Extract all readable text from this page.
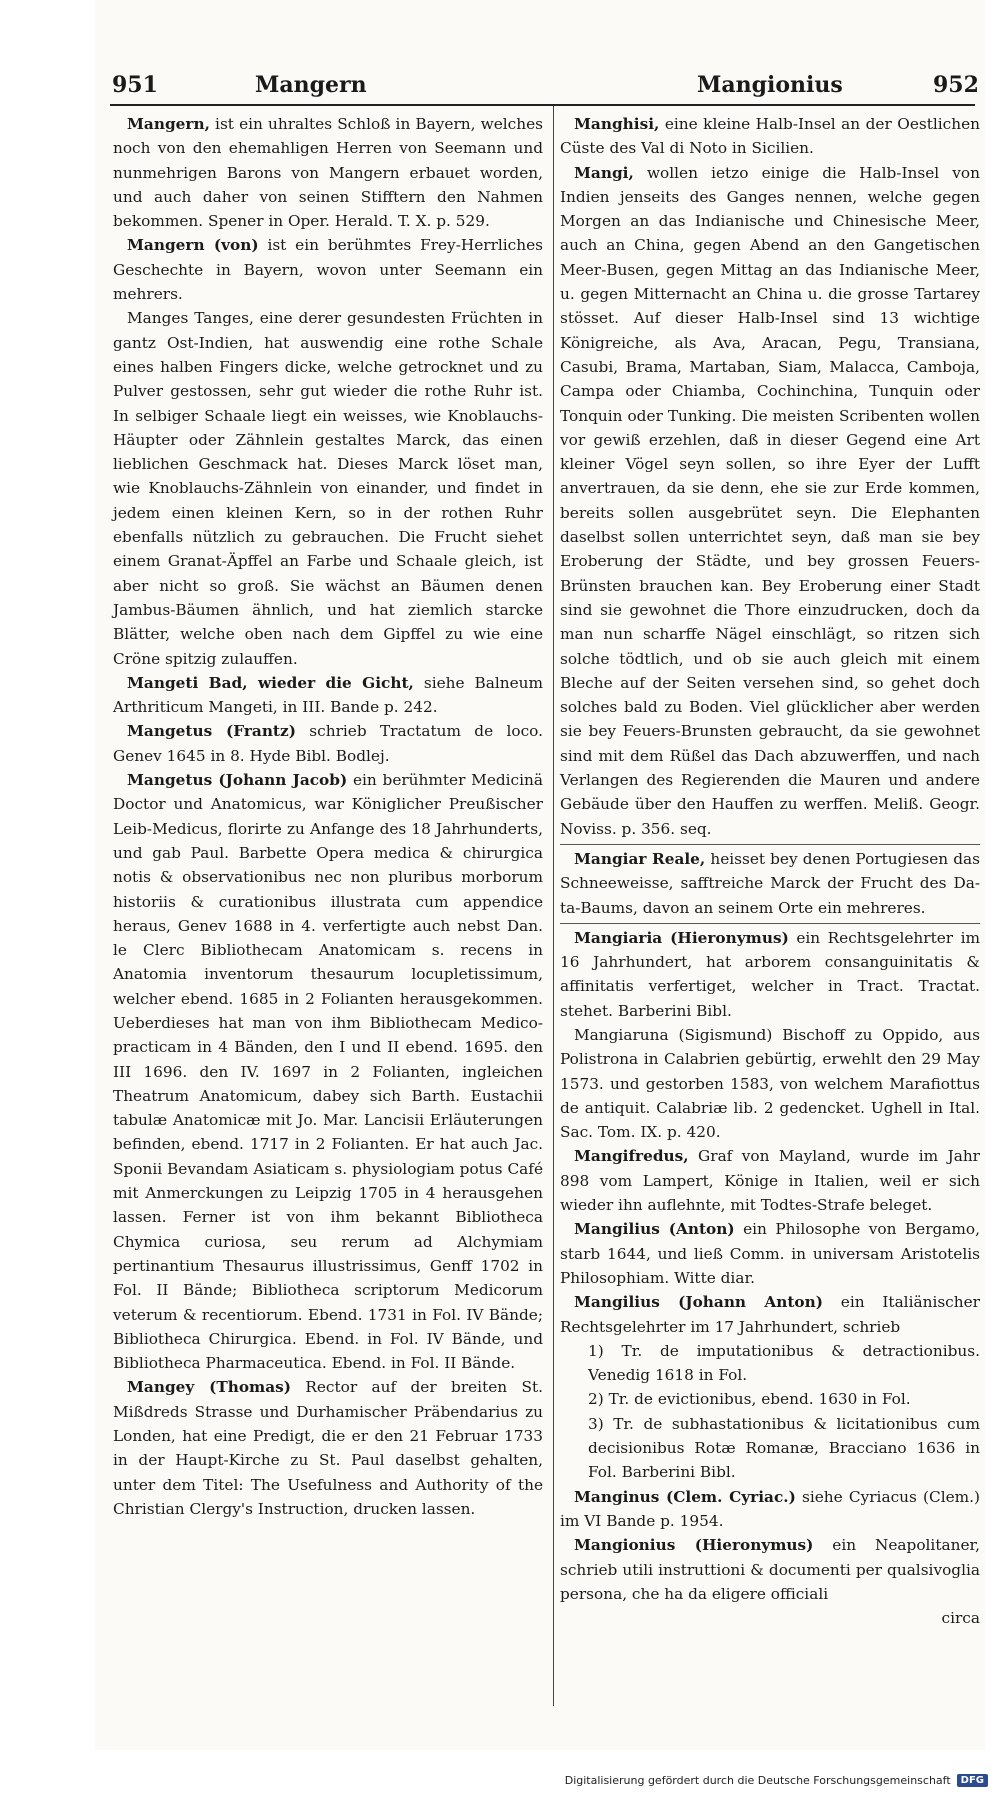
951	Mangern	Mangionius	952

Mangern, ist ein uhraltes Schloß in Bayern, welches noch von den ehemahligen Herren von Seemann und nunmehrigen Barons von Mangern erbauet worden, und auch daher von seinen Stifftern den Nahmen bekommen. Spener in Oper. Herald. T. X. p. 529.

Mangern (von) ist ein berühmtes Frey-Herrliches Geschechte in Bayern, wovon unter Seemann ein mehrers.

Manges Tanges, eine derer gesundesten Früchten in gantz Ost-Indien, hat auswendig eine rothe Schale eines halben Fingers dicke, welche getrocknet und zu Pulver gestossen, sehr gut wieder die rothe Ruhr ist. In selbiger Schaale liegt ein weisses, wie Knoblauchs-Häupter oder Zähnlein gestaltes Marck, das einen lieblichen Geschmack hat. Dieses Marck löset man, wie Knoblauchs-Zähnlein von einander, und findet in jedem einen kleinen Kern, so in der rothen Ruhr ebenfalls nützlich zu gebrauchen. Die Frucht siehet einem Granat-Äpffel an Farbe und Schaale gleich, ist aber nicht so groß. Sie wächst an Bäumen denen Jambus-Bäumen ähnlich, und hat ziemlich starcke Blätter, welche oben nach dem Gipffel zu wie eine Cröne spitzig zulauffen.

Mangeti Bad, wieder die Gicht, siehe Balneum Arthriticum Mangeti, in III. Bande p. 242.

Mangetus (Frantz) schrieb Tractatum de loco. Genev 1645 in 8. Hyde Bibl. Bodlej.

Mangetus (Johann Jacob) ein berühmter Medicinä Doctor und Anatomicus, war Königlicher Preußischer Leib-Medicus, florirte zu Anfange des 18 Jahrhunderts, und gab Paul. Barbette Opera medica & chirurgica notis & observationibus nec non pluribus morborum historiis & curationibus illustrata cum appendice heraus, Genev 1688 in 4. verfertigte auch nebst Dan. le Clerc Bibliothecam Anatomicam s. recens in Anatomia inventorum thesaurum locupletissimum, welcher ebend. 1685 in 2 Folianten herausgekommen. Ueberdieses hat man von ihm Bibliothecam Medico-practicam in 4 Bänden, den I und II ebend. 1695. den III 1696. den IV. 1697 in 2 Folianten, ingleichen Theatrum Anatomicum, dabey sich Barth. Eustachii tabulæ Anatomicæ mit Jo. Mar. Lancisii Erläuterungen befinden, ebend. 1717 in 2 Folianten. Er hat auch Jac. Sponii Bevandam Asiaticam s. physiologiam potus Café mit Anmerckungen zu Leipzig 1705 in 4 herausgehen lassen. Ferner ist von ihm bekannt Bibliotheca Chymica curiosa, seu rerum ad Alchymiam pertinantium Thesaurus illustrissimus, Genff 1702 in Fol. II Bände; Bibliotheca scriptorum Medicorum veterum & recentiorum. Ebend. 1731 in Fol. IV Bände; Bibliotheca Chirurgica. Ebend. in Fol. IV Bände, und Bibliotheca Pharmaceutica. Ebend. in Fol. II Bände.

Mangey (Thomas) Rector auf der breiten St. Mißdreds Strasse und Durhamischer Präbendarius zu Londen, hat eine Predigt, die er den 21 Februar 1733 in der Haupt-Kirche zu St. Paul daselbst gehalten, unter dem Titel: The Usefulness and Authority of the Christian Clergy's Instruction, drucken lassen.

Manghisi, eine kleine Halb-Insel an der Oestlichen Cüste des Val di Noto in Sicilien.

Mangi, wollen ietzo einige die Halb-Insel von Indien jenseits des Ganges nennen, welche gegen Morgen an das Indianische und Chinesische Meer, auch an China, gegen Abend an den Gangetischen Meer-Busen, gegen Mittag an das Indianische Meer, u. gegen Mitternacht an China u. die grosse Tartarey stösset. Auf dieser Halb-Insel sind 13 wichtige Königreiche, als Ava, Aracan, Pegu, Transiana, Casubi, Brama, Martaban, Siam, Malacca, Camboja, Campa oder Chiamba, Cochinchina, Tunquin oder Tonquin oder Tunking. Die meisten Scribenten wollen vor gewiß erzehlen, daß in dieser Gegend eine Art kleiner Vögel seyn sollen, so ihre Eyer der Lufft anvertrauen, da sie denn, ehe sie zur Erde kommen, bereits sollen ausgebrütet seyn. Die Elephanten daselbst sollen unterrichtet seyn, daß man sie bey Eroberung der Städte, und bey grossen Feuers-Brünsten brauchen kan. Bey Eroberung einer Stadt sind sie gewohnet die Thore einzudrucken, doch da man nun scharffe Nägel einschlägt, so ritzen sich solche tödtlich, und ob sie auch gleich mit einem Bleche auf der Seiten versehen sind, so gehet doch solches bald zu Boden. Viel glücklicher aber werden sie bey Feuers-Brunsten gebraucht, da sie gewohnet sind mit dem Rüßel das Dach abzuwerffen, und nach Verlangen des Regierenden die Mauren und andere Gebäude über den Hauffen zu werffen. Meliß. Geogr. Noviss. p. 356. seq.

Mangiar Reale, heisset bey denen Portugiesen das Schneeweisse, safftreiche Marck der Frucht des Da-ta-Baums, davon an seinem Orte ein mehreres.

Mangiaria (Hieronymus) ein Rechtsgelehrter im 16 Jahrhundert, hat arborem consanguinitatis & affinitatis verfertiget, welcher in Tract. Tractat. stehet. Barberini Bibl.

Mangiaruna (Sigismund) Bischoff zu Oppido, aus Polistrona in Calabrien gebürtig, erwehlt den 29 May 1573. und gestorben 1583, von welchem Marafiottus de antiquit. Calabriæ lib. 2 gedencket. Ughell in Ital. Sac. Tom. IX. p. 420.

Mangifredus, Graf von Mayland, wurde im Jahr 898 vom Lampert, Könige in Italien, weil er sich wieder ihn auflehnte, mit Todtes-Strafe beleget.

Mangilius (Anton) ein Philosophe von Bergamo, starb 1644, und ließ Comm. in universam Aristotelis Philosophiam. Witte diar.

Mangilius (Johann Anton) ein Italiänischer Rechtsgelehrter im 17 Jahrhundert, schrieb

1) Tr. de imputationibus & detractionibus. Venedig 1618 in Fol.
2) Tr. de evictionibus, ebend. 1630 in Fol.
3) Tr. de subhastationibus & licitationibus cum decisionibus Rotæ Romanæ, Bracciano 1636 in Fol. Barberini Bibl.

Manginus (Clem. Cyriac.) siehe Cyriacus (Clem.) im VI Bande p. 1954.

Mangionius (Hieronymus) ein Neapolitaner, schrieb utili instruttioni & documenti per qualsivoglia persona, che ha da eligere officiali

circa
Digitalisierung gefördert durch die Deutsche Forschungsgemeinschaft	DFG
